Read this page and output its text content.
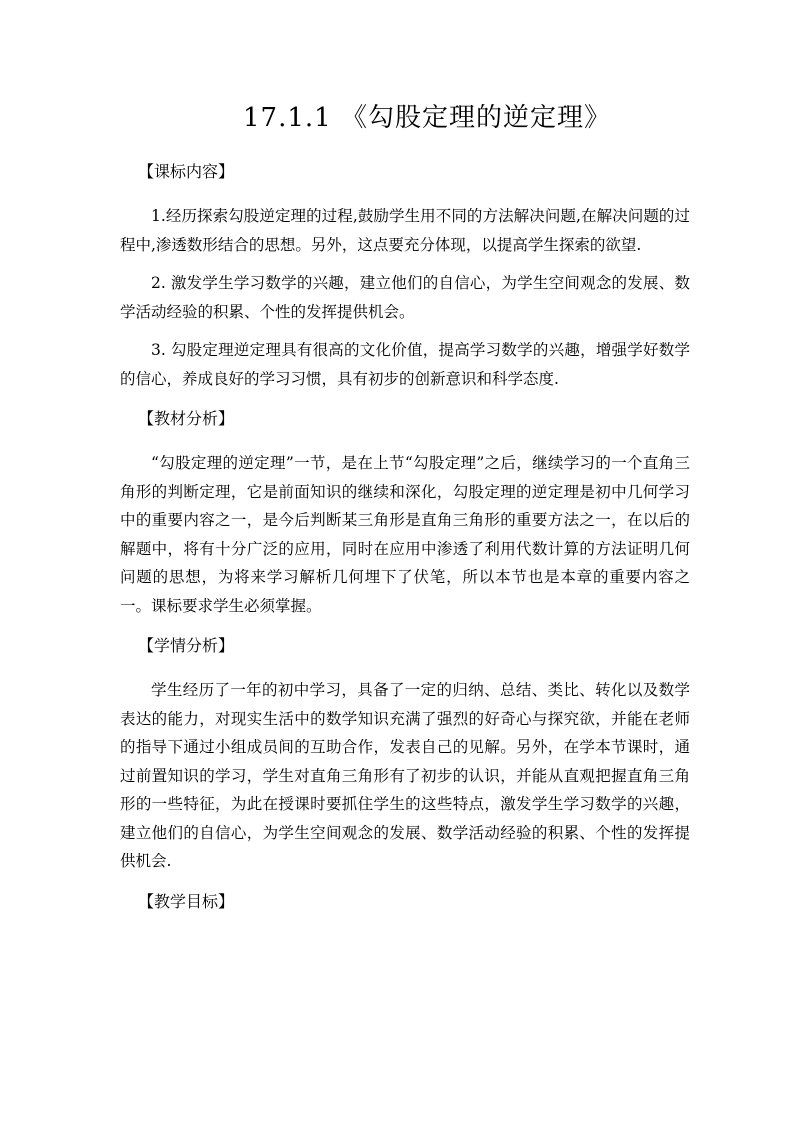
17.1.1 《勾股定理的逆定理》
【课标内容】

1.经历探索勾股逆定理的过程,鼓励学生用不同的方法解决问题,在解决问题的过程中,渗透数形结合的思想。另外，这点要充分体现，以提高学生探索的欲望.

2. 激发学生学习数学的兴趣，建立他们的自信心，为学生空间观念的发展、数学活动经验的积累、个性的发挥提供机会。

3. 勾股定理逆定理具有很高的文化价值，提高学习数学的兴趣，增强学好数学的信心，养成良好的学习习惯，具有初步的创新意识和科学态度.

【教材分析】

“勾股定理的逆定理”一节，是在上节“勾股定理”之后，继续学习的一个直角三角形的判断定理，它是前面知识的继续和深化，勾股定理的逆定理是初中几何学习中的重要内容之一，是今后判断某三角形是直角三角形的重要方法之一，在以后的解题中，将有十分广泛的应用，同时在应用中渗透了利用代数计算的方法证明几何问题的思想，为将来学习解析几何埋下了伏笔，所以本节也是本章的重要内容之一。课标要求学生必须掌握。

【学情分析】

学生经历了一年的初中学习，具备了一定的归纳、总结、类比、转化以及数学表达的能力，对现实生活中的数学知识充满了强烈的好奇心与探究欲，并能在老师的指导下通过小组成员间的互助合作，发表自己的见解。另外，在学本节课时，通过前置知识的学习，学生对直角三角形有了初步的认识，并能从直观把握直角三角形的一些特征，为此在授课时要抓住学生的这些特点，激发学生学习数学的兴趣，建立他们的自信心，为学生空间观念的发展、数学活动经验的积累、个性的发挥提供机会.

【教学目标】
